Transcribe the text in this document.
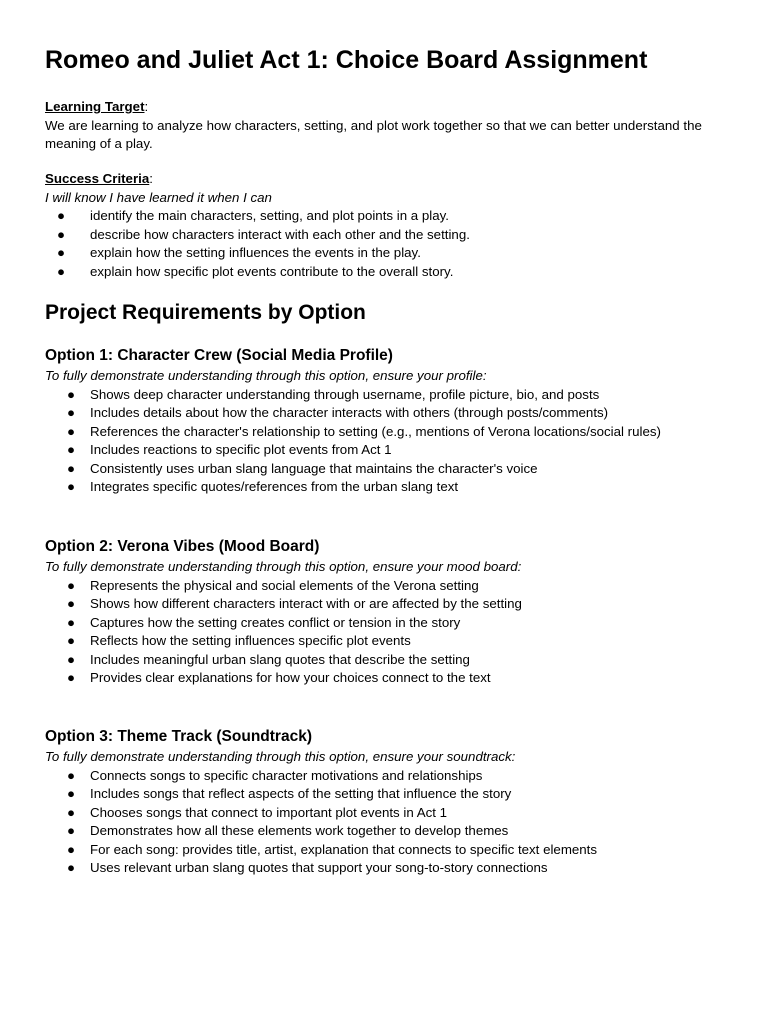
Romeo and Juliet Act 1: Choice Board Assignment

Learning Target:

We are learning to analyze how characters, setting, and plot work together so that we can better understand the meaning of a play.

Success Criteria:

I will know I have learned it when I can

● identify the main characters, setting, and plot points in a play.
● describe how characters interact with each other and the setting.
● explain how the setting influences the events in the play.
● explain how specific plot events contribute to the overall story.
Project Requirements by Option
Option 1: Character Crew (Social Media Profile)

To fully demonstrate understanding through this option, ensure your profile:

● Shows deep character understanding through username, profile picture, bio, and posts
● Includes details about how the character interacts with others (through posts/comments)
● References the character's relationship to setting (e.g., mentions of Verona locations/social rules)
● Includes reactions to specific plot events from Act 1
● Consistently uses urban slang language that maintains the character's voice
● Integrates specific quotes/references from the urban slang text
Option 2: Verona Vibes (Mood Board)

To fully demonstrate understanding through this option, ensure your mood board:

● Represents the physical and social elements of the Verona setting
● Shows how different characters interact with or are affected by the setting
● Captures how the setting creates conflict or tension in the story
● Reflects how the setting influences specific plot events
● Includes meaningful urban slang quotes that describe the setting
● Provides clear explanations for how your choices connect to the text
Option 3: Theme Track (Soundtrack)

To fully demonstrate understanding through this option, ensure your soundtrack:

● Connects songs to specific character motivations and relationships
● Includes songs that reflect aspects of the setting that influence the story
● Chooses songs that connect to important plot events in Act 1
● Demonstrates how all these elements work together to develop themes
● For each song: provides title, artist, explanation that connects to specific text elements
● Uses relevant urban slang quotes that support your song-to-story connections
